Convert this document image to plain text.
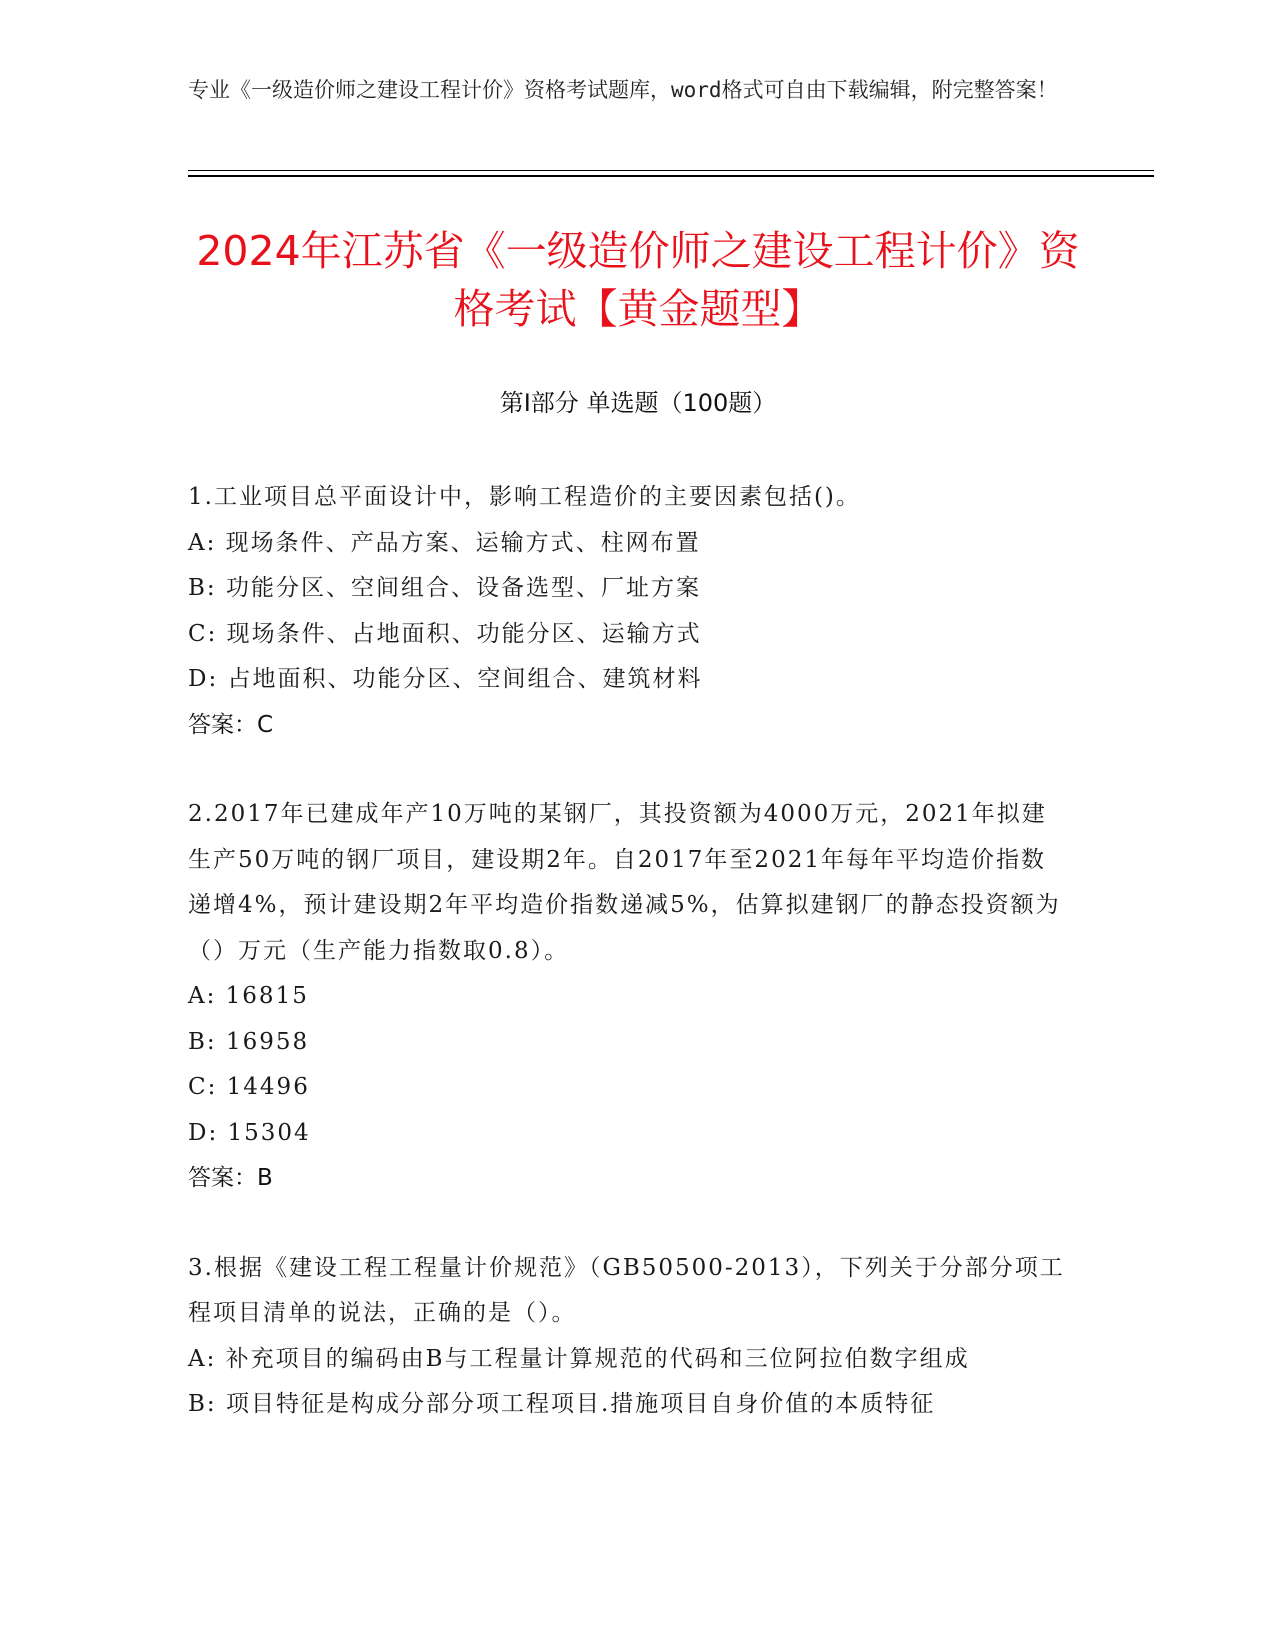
专业《一级造价师之建设工程计价》资格考试题库，word格式可自由下载编辑，附完整答案！
2024年江苏省《一级造价师之建设工程计价》资格考试【黄金题型】
第I部分 单选题（100题）
1.工业项目总平面设计中，影响工程造价的主要因素包括()。
A: 现场条件、产品方案、运输方式、柱网布置
B: 功能分区、空间组合、设备选型、厂址方案
C: 现场条件、占地面积、功能分区、运输方式
D: 占地面积、功能分区、空间组合、建筑材料
答案：C
2.2017年已建成年产10万吨的某钢厂，其投资额为4000万元，2021年拟建生产50万吨的钢厂项目，建设期2年。自2017年至2021年每年平均造价指数递增4%，预计建设期2年平均造价指数递减5%，估算拟建钢厂的静态投资额为（）万元（生产能力指数取0.8）。
A: 16815
B: 16958
C: 14496
D: 15304
答案：B
3.根据《建设工程工程量计价规范》（GB50500-2013），下列关于分部分项工程项目清单的说法，正确的是（）。
A: 补充项目的编码由B与工程量计算规范的代码和三位阿拉伯数字组成
B: 项目特征是构成分部分项工程项目.措施项目自身价值的本质特征
